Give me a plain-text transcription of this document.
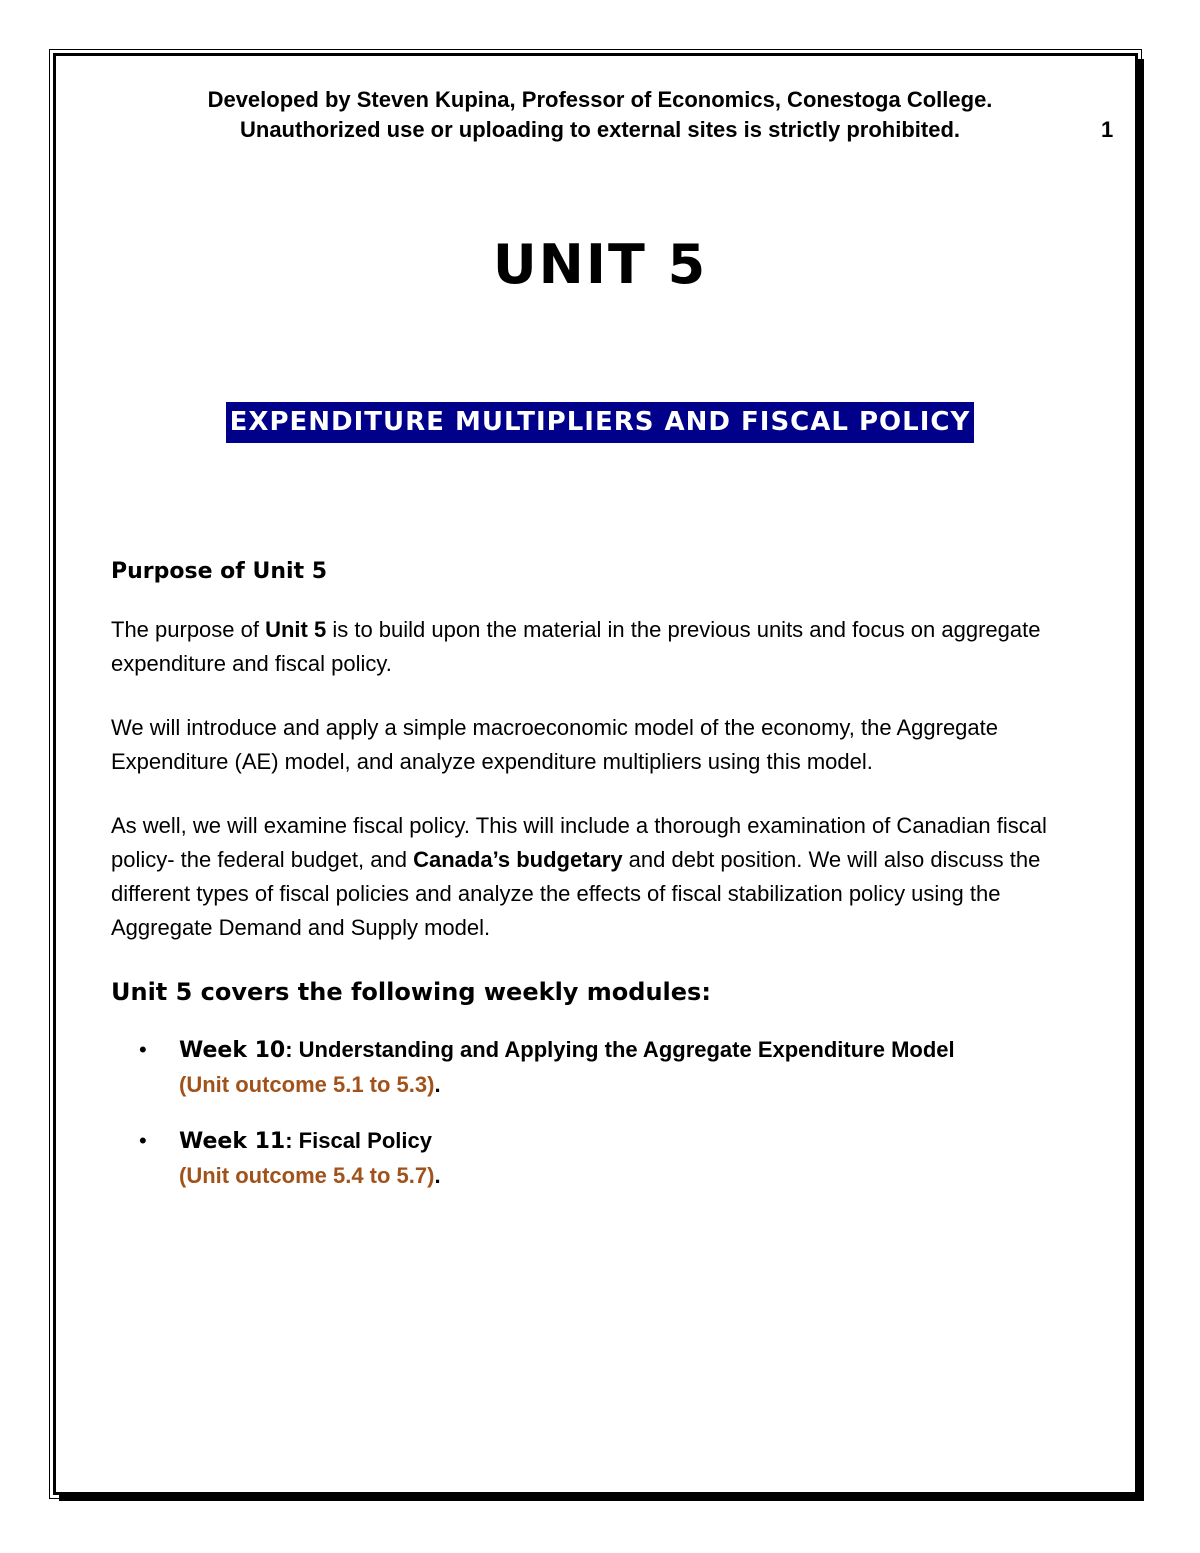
Developed by Steven Kupina, Professor of Economics, Conestoga College.
Unauthorized use or uploading to external sites is strictly prohibited.	1
UNIT 5
EXPENDITURE MULTIPLIERS AND FISCAL POLICY
Purpose of Unit 5

The purpose of Unit 5 is to build upon the material in the previous units and focus on aggregate expenditure and fiscal policy.

We will introduce and apply a simple macroeconomic model of the economy, the Aggregate Expenditure (AE) model, and analyze expenditure multipliers using this model.

As well, we will examine fiscal policy. This will include a thorough examination of Canadian fiscal policy- the federal budget, and Canada’s budgetary and debt position. We will also discuss the different types of fiscal policies and analyze the effects of fiscal stabilization policy using the Aggregate Demand and Supply model.

Unit 5 covers the following weekly modules:
• Week 10: Understanding and Applying the Aggregate Expenditure Model
(Unit outcome 5.1 to 5.3).
• Week 11: Fiscal Policy
(Unit outcome 5.4 to 5.7).
